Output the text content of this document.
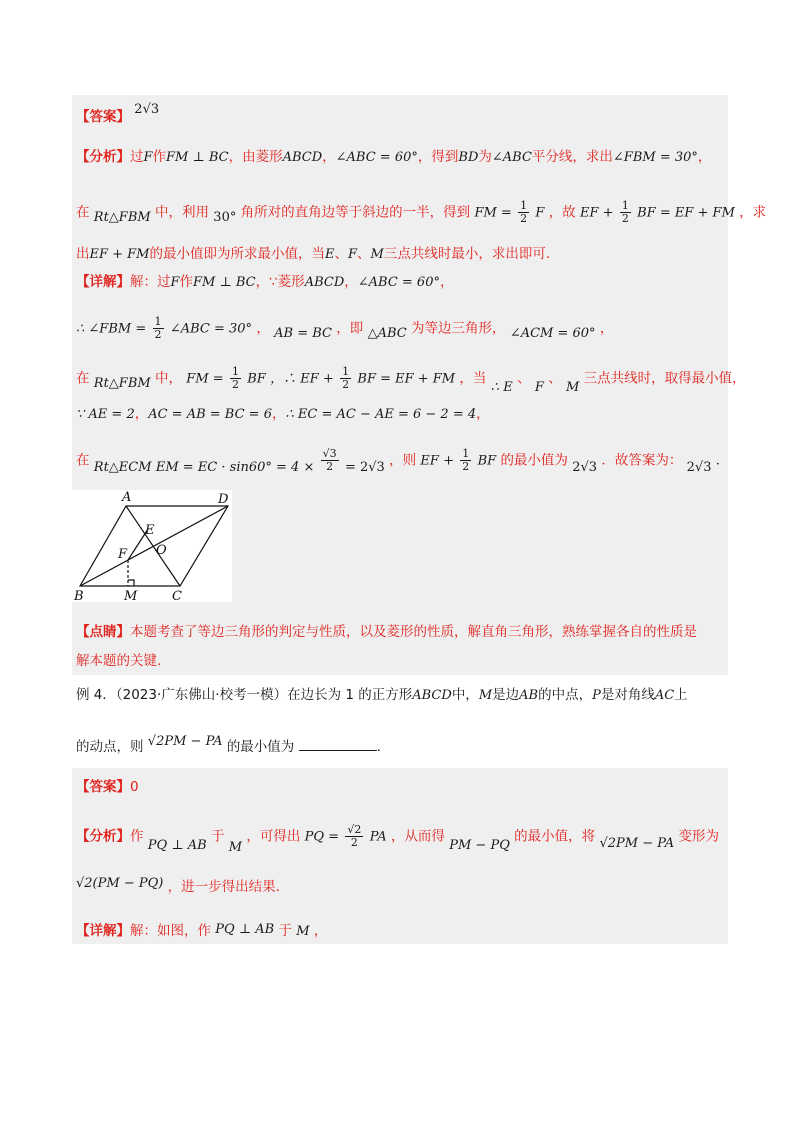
【答案】 2√3
【分析】过F作FM ⊥ BC，由菱形ABCD，∠ABC = 60°，得到BD为∠ABC平分线，求出∠FBM = 30°，
在 Rt△FBM 中，利用 30° 角所对的直角边等于斜边的一半，得到 FM = $\frac{1}{2}$ F ，故 EF + $\frac{1}{2}$ BF = EF + FM ，求
出EF + FM的最小值即为所求最小值，当E、F、M三点共线时最小，求出即可.
【详解】解：过F作FM ⊥ BC，∵菱形ABCD，∠ABC = 60°，
∴ ∠FBM = $\frac{1}{2}$ ∠ABC = 30° ， AB = BC ，即 △ABC 为等边三角形， ∠ACM = 60° ，
在 Rt△FBM 中， FM = $\frac{1}{2}$ BF ，∴ EF + $\frac{1}{2}$ BF = EF + FM ，当 ∴ E 、 F 、 M 三点共线时，取得最小值，
∵ AE = 2，AC = AB = BC = 6，∴ EC = AC − AE = 6 − 2 = 4，
在 Rt△ECM EM = EC · $\sin 60^\circ = 4 \times \frac{√3}{2} = 2√3$ ，则 EF + $\frac{1}{2}$ BF 的最小值为 2√3 ．故答案为： 2√3 .
A	D
E
O
F
B	M	C
【点睛】本题考查了等边三角形的判定与性质，以及菱形的性质，解直角三角形，熟练掌握各自的性质是
解本题的关键.
例 4．（2023·广东佛山·校考一模）在边长为 1 的正方形ABCD中，M是边AB的中点，P是对角线AC上
的动点，则 √2PM − PA 的最小值为	.
【答案】0
【分析】作 PQ ⊥ AB 于 M ，可得出 PQ = $\frac{√2}{2}$ PA ，从而得 PM − PQ 的最小值，将 √2PM − PA 变形为
√2(PM − PQ) ，进一步得出结果.
【详解】解：如图，作 PQ ⊥ AB 于 M ，
